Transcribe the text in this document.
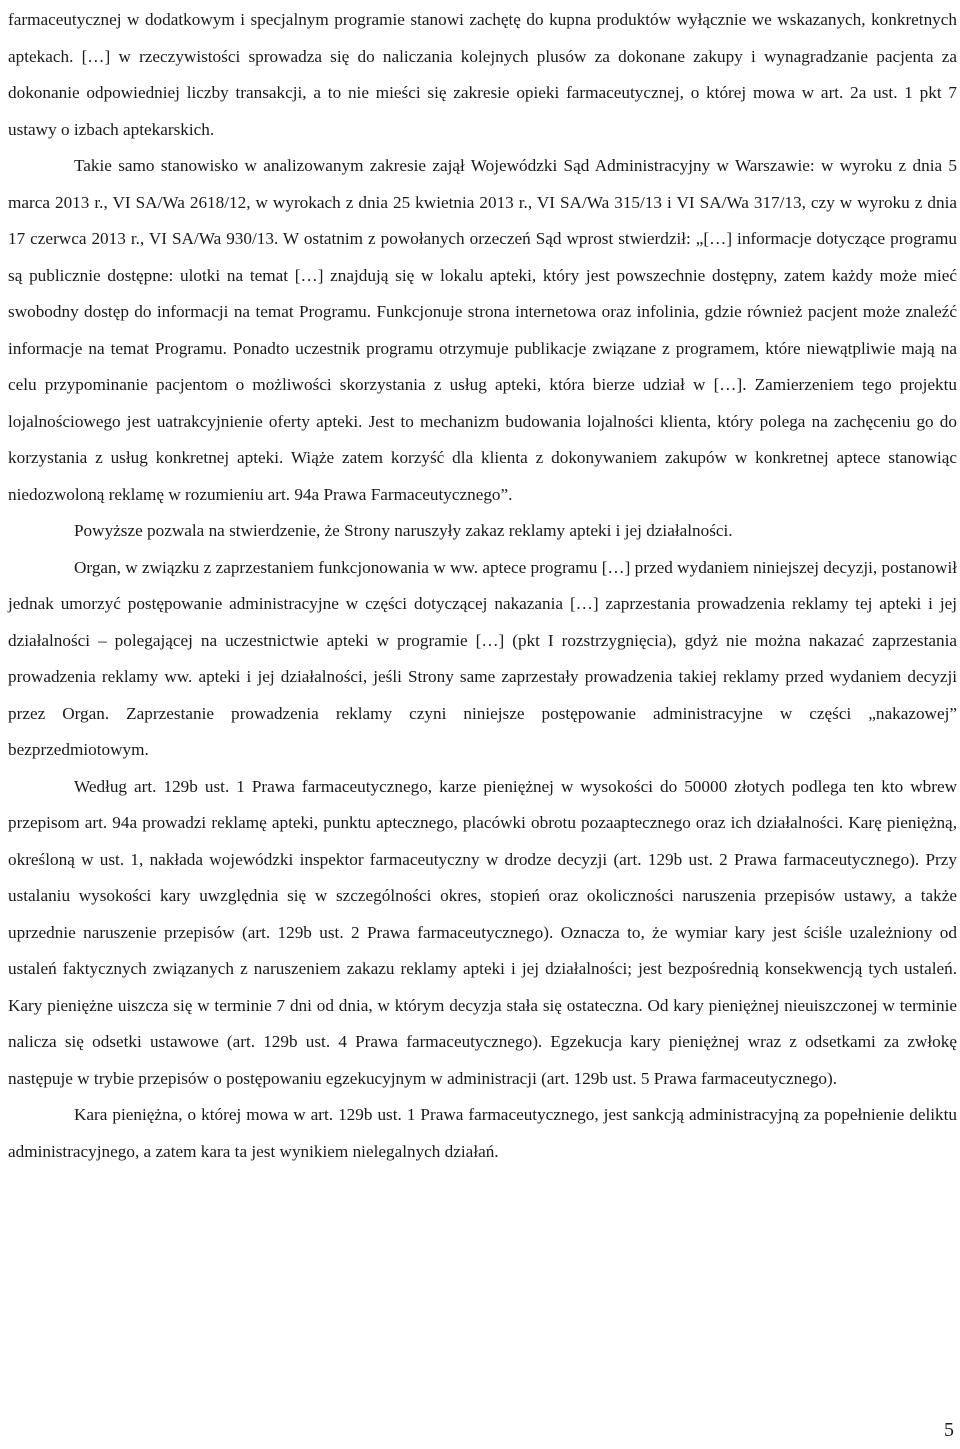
farmaceutycznej w dodatkowym i specjalnym programie stanowi zachętę do kupna produktów wyłącznie we wskazanych, konkretnych aptekach. […] w rzeczywistości sprowadza się do naliczania kolejnych plusów za dokonane zakupy i wynagradzanie pacjenta za dokonanie odpowiedniej liczby transakcji, a to nie mieści się zakresie opieki farmaceutycznej, o której mowa w art. 2a ust. 1 pkt 7 ustawy o izbach aptekarskich.

Takie samo stanowisko w analizowanym zakresie zajął Wojewódzki Sąd Administracyjny w Warszawie: w wyroku z dnia 5 marca 2013 r., VI SA/Wa 2618/12, w wyrokach z dnia 25 kwietnia 2013 r., VI SA/Wa 315/13 i VI SA/Wa 317/13, czy w wyroku z dnia 17 czerwca 2013 r., VI SA/Wa 930/13. W ostatnim z powołanych orzeczeń Sąd wprost stwierdził: „[…] informacje dotyczące programu są publicznie dostępne: ulotki na temat […] znajdują się w lokalu apteki, który jest powszechnie dostępny, zatem każdy może mieć swobodny dostęp do informacji na temat Programu. Funkcjonuje strona internetowa oraz infolinia, gdzie również pacjent może znaleźć informacje na temat Programu. Ponadto uczestnik programu otrzymuje publikacje związane z programem, które niewątpliwie mają na celu przypominanie pacjentom o możliwości skorzystania z usług apteki, która bierze udział w […]. Zamierzeniem tego projektu lojalnościowego jest uatrakcyjnienie oferty apteki. Jest to mechanizm budowania lojalności klienta, który polega na zachęceniu go do korzystania z usług konkretnej apteki. Wiąże zatem korzyść dla klienta z dokonywaniem zakupów w konkretnej aptece stanowiąc niedozwoloną reklamę w rozumieniu art. 94a Prawa Farmaceutycznego”.

Powyższe pozwala na stwierdzenie, że Strony naruszyły zakaz reklamy apteki i jej działalności.

Organ, w związku z zaprzestaniem funkcjonowania w ww. aptece programu […] przed wydaniem niniejszej decyzji, postanowił jednak umorzyć postępowanie administracyjne w części dotyczącej nakazania […] zaprzestania prowadzenia reklamy tej apteki i jej działalności – polegającej na uczestnictwie apteki w programie […] (pkt I rozstrzygnięcia), gdyż nie można nakazać zaprzestania prowadzenia reklamy ww. apteki i jej działalności, jeśli Strony same zaprzestały prowadzenia takiej reklamy przed wydaniem decyzji przez Organ. Zaprzestanie prowadzenia reklamy czyni niniejsze postępowanie administracyjne w części „nakazowej” bezprzedmiotowym.

Według art. 129b ust. 1 Prawa farmaceutycznego, karze pieniężnej w wysokości do 50000 złotych podlega ten kto wbrew przepisom art. 94a prowadzi reklamę apteki, punktu aptecznego, placówki obrotu pozaaptecznego oraz ich działalności. Karę pieniężną, określoną w ust. 1, nakłada wojewódzki inspektor farmaceutyczny w drodze decyzji (art. 129b ust. 2 Prawa farmaceutycznego). Przy ustalaniu wysokości kary uwzględnia się w szczególności okres, stopień oraz okoliczności naruszenia przepisów ustawy, a także uprzednie naruszenie przepisów (art. 129b ust. 2 Prawa farmaceutycznego). Oznacza to, że wymiar kary jest ściśle uzależniony od ustaleń faktycznych związanych z naruszeniem zakazu reklamy apteki i jej działalności; jest bezpośrednią konsekwencją tych ustaleń. Kary pieniężne uiszcza się w terminie 7 dni od dnia, w którym decyzja stała się ostateczna. Od kary pieniężnej nieuiszczonej w terminie nalicza się odsetki ustawowe (art. 129b ust. 4 Prawa farmaceutycznego). Egzekucja kary pieniężnej wraz z odsetkami za zwłokę następuje w trybie przepisów o postępowaniu egzekucyjnym w administracji (art. 129b ust. 5 Prawa farmaceutycznego).

Kara pieniężna, o której mowa w art. 129b ust. 1 Prawa farmaceutycznego, jest sankcją administracyjną za popełnienie deliktu administracyjnego, a zatem kara ta jest wynikiem nielegalnych działań.

5
